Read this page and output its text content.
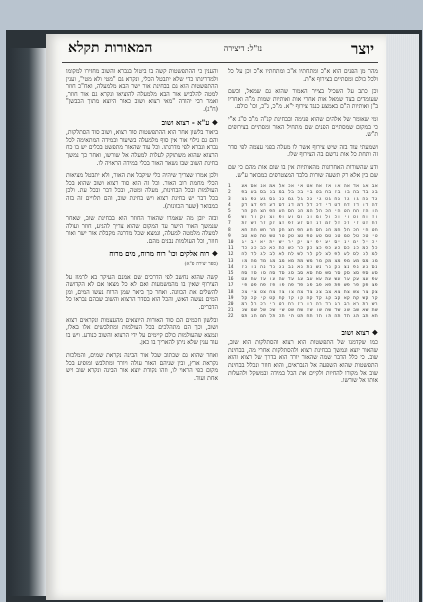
יוצר
נז"ל: דיצירה
המאורות תקלא

מהר מן הפנים הוא א"כ ומתחתיו א"כ ומתחתיו א"כ וכן על כל ולכל כולם ומסתיים בצירוף א"ת.

וכן כתב על השכיל בצייר האמור שהוא גם שמאל, וכשם שעומדים בצד שמאל אות אחרי אות ואותיות שמות מ"ה ואחריו ב"ן ואותיות ה"ם באמצע כנגד צירוף י"א. מ"כ, ג"כ, וכו' כולם.

ומי שאומר של אלהים שהוא פנימה ובבחינת קנ"ה מ"ב ס"ג א"י כי במקום שמסתיים הפנים שם מתחיל האור ומסתיים בצירופים ת"ש.

ושמעתי עוד בזה שיש צירוף אשר לו מעלה בפני עצמה לפי סדר זה ותחת כל אות נרשם בה הצירוף שלו.

ודע שהשורות האחרונות מהאותיות אין בו שום אות מהם כי שם שם בין אלא רק תשעה שורות בלבד המצטרפים כמבואר ע"ש.

אב אג אד אה או אז אח אט אי אכ אל אמ אנ אס אע
1
בג בד בה בו בז בח בט בי בכ בל במ בנ בס בע בפ
2
גד גה גו גז גח גט גי גכ גל גמ גנ גס גע גפ גצ
3
דה דו דז דח דט די דכ דל דמ דנ דס דע דפ דצ דק
4
הו הז הח הט הי הכ הל המ הנ הס הע הפ הצ הק הר
5
וז וח וט וי וכ ול ומ ונ וס וע ופ וצ וק ור וש
6
זח זט זי זכ זל זמ זנ זס זע זפ זצ זק זר זש זת
7
חט חי חכ חל חמ חנ חס חע חפ חצ חק חר חש חת חא
8
טי טכ טל טמ טנ טס טע טפ טצ טק טר טש טת טא טב
9
יכ יל ימ ינ יס יע יפ יצ יק יר יש ית יא יב יג
10
כל כמ כנ כס כע כפ כצ כק כר כש כת כא כב כג כד
11
למ לנ לס לע לפ לצ לק לר לש לת לא לב לג לד לה
12
מנ מס מע מפ מצ מק מר מש מת מא מב מג מד מה מו
13
נס נע נפ נצ נק נר נש נת נא נב נג נד נה נו נז
14
סע ספ סצ סק סר סש סת סא סב סג סד סה סו סז סח
15
עפ עצ עק ער עש עת עא עב עג עד עה עו עז עח עט
16
פצ פק פר פש פת פא פב פג פד פה פו פז פח פט פי
17
צק צר צש צת צא צב צג צד צה צו צז צח צט צי צכ
18
קר קש קת קא קב קג קד קה קו קז קח קט קי קכ קל
19
רש רת רא רב רג רד רה רו רז רח רט רי רכ רל רמ
20
שת שא שב שג שד שה שו שז שח שט שי שכ של שמ שנ
21
תא תב תג תד תה תו תז תח תט תי תכ תל תמ תנ תס
22
❖ רצוא ושוב

כמו שקדמנו של התפשטות הוא רצוא והסתלקות הוא שוב, שהאור יוצא ונמשך בבחינת רצוא ולהסתלקות אחרי מה, בבחינת שוב. כי כלל הדבר שמה שהאור יורד הוא בדרך של רצוא והוא התפשטות שהוא השפעה אל הנבראים, והוא חוזר ונכלל בבחינת שוב אל מקורו להחיות ולקיים את הכל במידה ובמשקל ולהעלות אותו אל שורשו.

והענין כי ההתפשטות קשה בו ביטול בנברא והשוב מחזירו למקומו ולמדריגתו כדי שלא יתבטל הכלי, ונקרא גם "מטי ולא מטי", וענין ההתפשטות הוא גם בבחינת אור ישר הבא מלמעלה, ואח"כ חוזר למטה להלביש אור הבא מלמעלה להוציאו ונקרא גם אור חוזר, ואמר רבי יהודה "מאי רצוא ושוב כאור היוצא מתוך הכבשן" (ח"ג).

❖ ע"א - רצוא ושוב

ביאור בלשון אחר הוא ההתפשטות סוד רצוא, ושוב סוד הסתלקות, והם גם גילוי אור אין סוף מלמעלה בשיעור ובמידה המתאימה לכל נברא ונברא לפי מדרגתו. וכל עוד שהאור מתפשט בכלים יש בו כח הרצוא שהוא משתוקק לעלות למעלה אל שורשו, ואחר כך נמשך בחינת השוב שבו נשאר האור בכלי במידה הראויה לו.

ולכן אמרו שצריך שיהיה כלי שיקבל את האור, ולא יתבטל מציאות הכלי מחמת רוב האור. וכל זה הוא סוד רצוא ושוב שהוא בכל העולמות ובכל הבחינות, מעלה ומטה, ובכל דבר ובכל עת. ולכן בכל דבר יש בחינת רצוא ויש בחינת שוב, והם תלויים זה בזה כמבואר (שער הכוונות).

ובזה יובן מה שאמרו שהאור החוזר הוא בבחינת שוב, שאחר שנמשך האור הישר עד המקום שהוא צריך להגיע, חוזר ועולה למעלה מלמטה למעלה, ונמצא שכל מדרגה מקבלת אור ישר ואור חוזר, וכל העולמות נבנים מהם.

❖ רוח אלקים וכו' רוח מרוח, מים מרוח
(ספר יצירה פ"א)

קשה שהוא נחשב לפי הדרכים שם אמנם העיקר בא לרמוז על הצירוף שאין בו מהמשמעות ואם לא כל מצאו אם לא הקדושה להשלים את הכוונה. ואחר כך ביאר שמן הרוח נעשו המים, ומן המים נעשה האש, והכל הוא בסדר הרצוא והשוב שבהם נבראו כל הדברים.

ובלשון חכמים הם סוד האורות היוצאים מהעצמות ונקראים רצוא ושוב, וכך הם מתהלכים בכל העולמות ומתלבשים אלו באלו, ונמצא שהעולמות כולם קיימים על ידי הרצוא והשוב כנודע. ויש בו עוד ענין שלא ניתן להאריך בו כאן.

ואחר שהוא גם שכתוב שכל אור הבינה נקראת שמים, והמלכות נקראת ארץ, ובין שניהם האור עולה ויורד ומתלבש ומופיע בכל מקום כפי הראוי לו, וזהו נקודת יוצא אור הבינה ונקרא שוב ויש אחת ועוד.
